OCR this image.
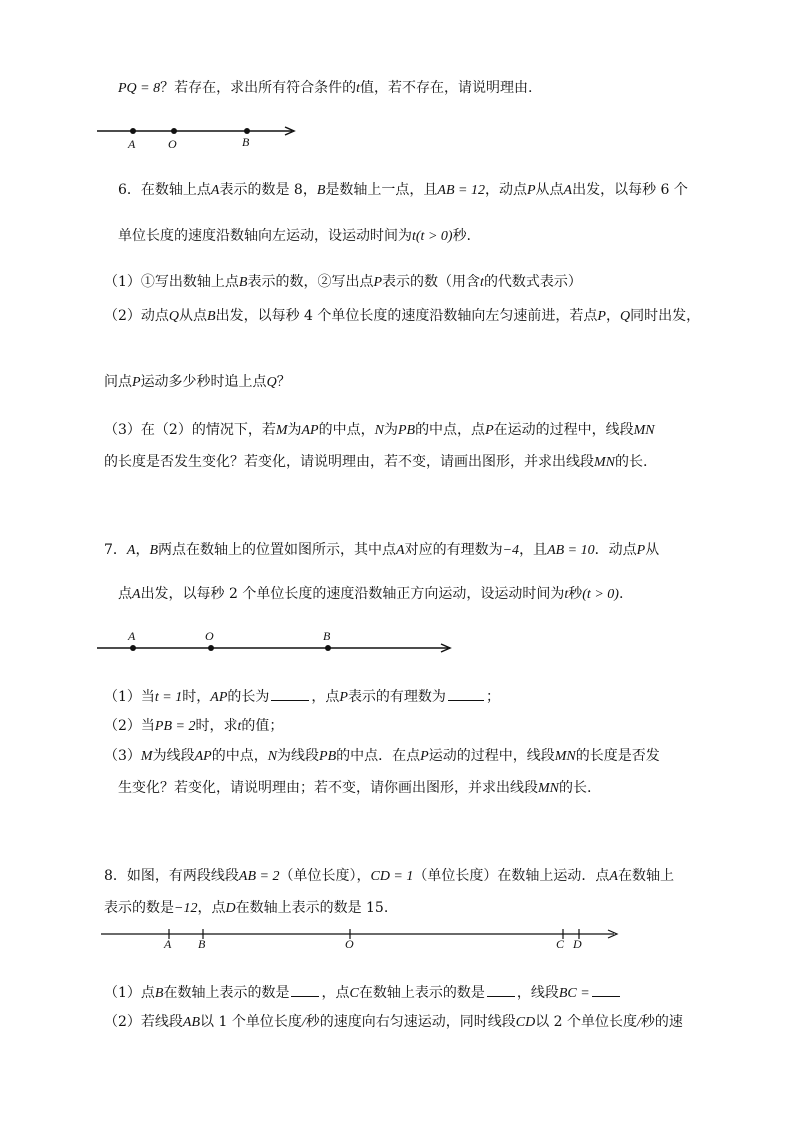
PQ = 8？若存在，求出所有符合条件的t值，若不存在，请说明理由.
A	O	B
6．在数轴上点A表示的数是 8，B是数轴上一点，且AB = 12，动点P从点A出发，以每秒 6 个
单位长度的速度沿数轴向左运动，设运动时间为t(t > 0)秒.
（1）①写出数轴上点B表示的数，②写出点P表示的数（用含t的代数式表示）
（2）动点Q从点B出发，以每秒 4 个单位长度的速度沿数轴向左匀速前进，若点P，Q同时出发，
问点P运动多少秒时追上点Q？
（3）在（2）的情况下，若M为AP的中点，N为PB的中点，点P在运动的过程中，线段MN
的长度是否发生变化？若变化，请说明理由，若不变，请画出图形，并求出线段MN的长.
7．A，B两点在数轴上的位置如图所示，其中点A对应的有理数为−4，且AB = 10．动点P从
点A出发，以每秒 2 个单位长度的速度沿数轴正方向运动，设运动时间为t秒(t > 0).
A	O	B
（1）当t = 1时，AP的长为	，点P表示的有理数为	；
（2）当PB = 2时，求t的值；
（3）M为线段AP的中点，N为线段PB的中点．在点P运动的过程中，线段MN的长度是否发
生变化？若变化，请说明理由；若不变，请你画出图形，并求出线段MN的长.
8．如图，有两段线段AB = 2（单位长度），CD = 1（单位长度）在数轴上运动．点A在数轴上
表示的数是−12，点D在数轴上表示的数是 15.
A B	O	C D
（1）点B在数轴上表示的数是 ，点C在数轴上表示的数是 ，线段BC =
（2）若线段AB以 1 个单位长度/秒的速度向右匀速运动，同时线段CD以 2 个单位长度/秒的速
